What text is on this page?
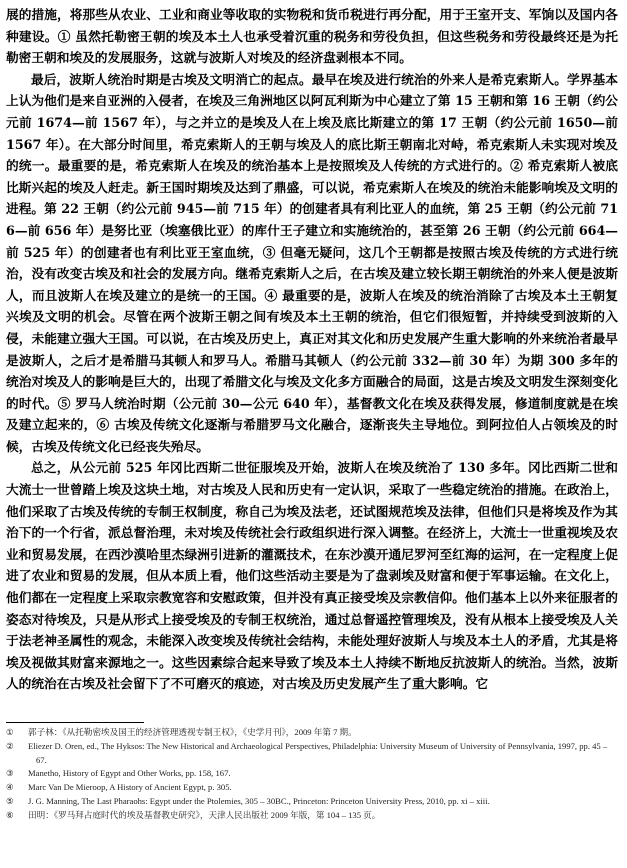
展的措施，将那些从农业、工业和商业等收取的实物税和货币税进行再分配，用于王室开支、军饷以及国内各种建设。① 虽然托勒密王朝的埃及本土人也承受着沉重的税务和劳役负担，但这些税务和劳役最终还是为托勒密王朝和埃及的发展服务，这就与波斯人对埃及的经济盘剥根本不同。

最后，波斯人统治时期是古埃及文明消亡的起点。最早在埃及进行统治的外来人是希克索斯人。学界基本上认为他们是来自亚洲的入侵者，在埃及三角洲地区以阿瓦利斯为中心建立了第 15 王朝和第 16 王朝（约公元前 1674—前 1567 年），与之并立的是埃及人在上埃及底比斯建立的第 17 王朝（约公元前 1650—前 1567 年）。在大部分时间里，希克索斯人的王朝与埃及人的底比斯王朝南北对峙，希克索斯人未实现对埃及的统一。最重要的是，希克索斯人在埃及的统治基本上是按照埃及人传统的方式进行的。② 希克索斯人被底比斯兴起的埃及人赶走。新王国时期埃及达到了鼎盛，可以说，希克索斯人在埃及的统治未能影响埃及文明的进程。第 22 王朝（约公元前 945—前 715 年）的创建者具有利比亚人的血统，第 25 王朝（约公元前 716—前 656 年）是努比亚（埃塞俄比亚）的库什王子建立和实施统治的，甚至第 26 王朝（约公元前 664—前 525 年）的创建者也有利比亚王室血统，③ 但毫无疑问，这几个王朝都是按照古埃及传统的方式进行统治，没有改变古埃及和社会的发展方向。继希克索斯人之后，在古埃及建立较长期王朝统治的外来人便是波斯人，而且波斯人在埃及建立的是统一的王国。④ 最重要的是，波斯人在埃及的统治消除了古埃及本土王朝复兴埃及文明的机会。尽管在两个波斯王朝之间有埃及本土王朝的统治，但它们很短暂，并持续受到波斯的入侵，未能建立强大王国。可以说，在古埃及历史上，真正对其文化和历史发展产生重大影响的外来统治者最早是波斯人，之后才是希腊马其顿人和罗马人。希腊马其顿人（约公元前 332—前 30 年）为期 300 多年的统治对埃及人的影响是巨大的，出现了希腊文化与埃及文化多方面融合的局面，这是古埃及文明发生深刻变化的时代。⑤ 罗马人统治时期（公元前 30—公元 640 年），基督教文化在埃及获得发展，修道制度就是在埃及建立起来的，⑥ 古埃及传统文化逐渐与希腊罗马文化融合，逐渐丧失主导地位。到阿拉伯人占领埃及的时候，古埃及传统文化已经丧失殆尽。

总之，从公元前 525 年冈比西斯二世征服埃及开始，波斯人在埃及统治了 130 多年。冈比西斯二世和大流士一世曾踏上埃及这块土地，对古埃及人民和历史有一定认识，采取了一些稳定统治的措施。在政治上，他们采取了古埃及传统的专制王权制度，称自己为埃及法老，还试图规范埃及法律，但他们只是将埃及作为其治下的一个行省，派总督治理，未对埃及传统社会行政组织进行深入调整。在经济上，大流士一世重视埃及农业和贸易发展，在西沙漠哈里杰绿洲引进新的灌溉技术，在东沙漠开通尼罗河至红海的运河，在一定程度上促进了农业和贸易的发展，但从本质上看，他们这些活动主要是为了盘剥埃及财富和便于军事运输。在文化上，他们都在一定程度上采取宗教宽容和安慰政策，但并没有真正接受埃及宗教信仰。他们基本上以外来征服者的姿态对待埃及，只是从形式上接受埃及的专制王权统治，通过总督遥控管理埃及，没有从根本上接受埃及人关于法老神圣属性的观念，未能深入改变埃及传统社会结构，未能处理好波斯人与埃及本土人的矛盾，尤其是将埃及视做其财富来源地之一。这些因素综合起来导致了埃及本土人持续不断地反抗波斯人的统治。当然，波斯人的统治在古埃及社会留下了不可磨灭的痕迹，对古埃及历史发展产生了重大影响。它

① 郭子林：《从托勒密埃及国王的经济管理透视专制王权》，《史学月刊》，2009 年第 7 期。

② Eliezer D. Oren, ed., The Hyksos: The New Historical and Archaeological Perspectives, Philadelphia: University Museum of University of Pennsylvania, 1997, pp. 45 – 67.

③ Manetho, History of Egypt and Other Works, pp. 158, 167.

④ Marc Van De Mieroop, A History of Ancient Egypt, p. 305.

⑤ J. G. Manning, The Last Pharaohs: Egypt under the Ptolemies, 305 – 30BC., Princeton: Princeton University Press, 2010, pp. xi – xiii.

⑥ 田明：《罗马拜占庭时代的埃及基督教史研究》，天津人民出版社 2009 年版，第 104 – 135 页。
